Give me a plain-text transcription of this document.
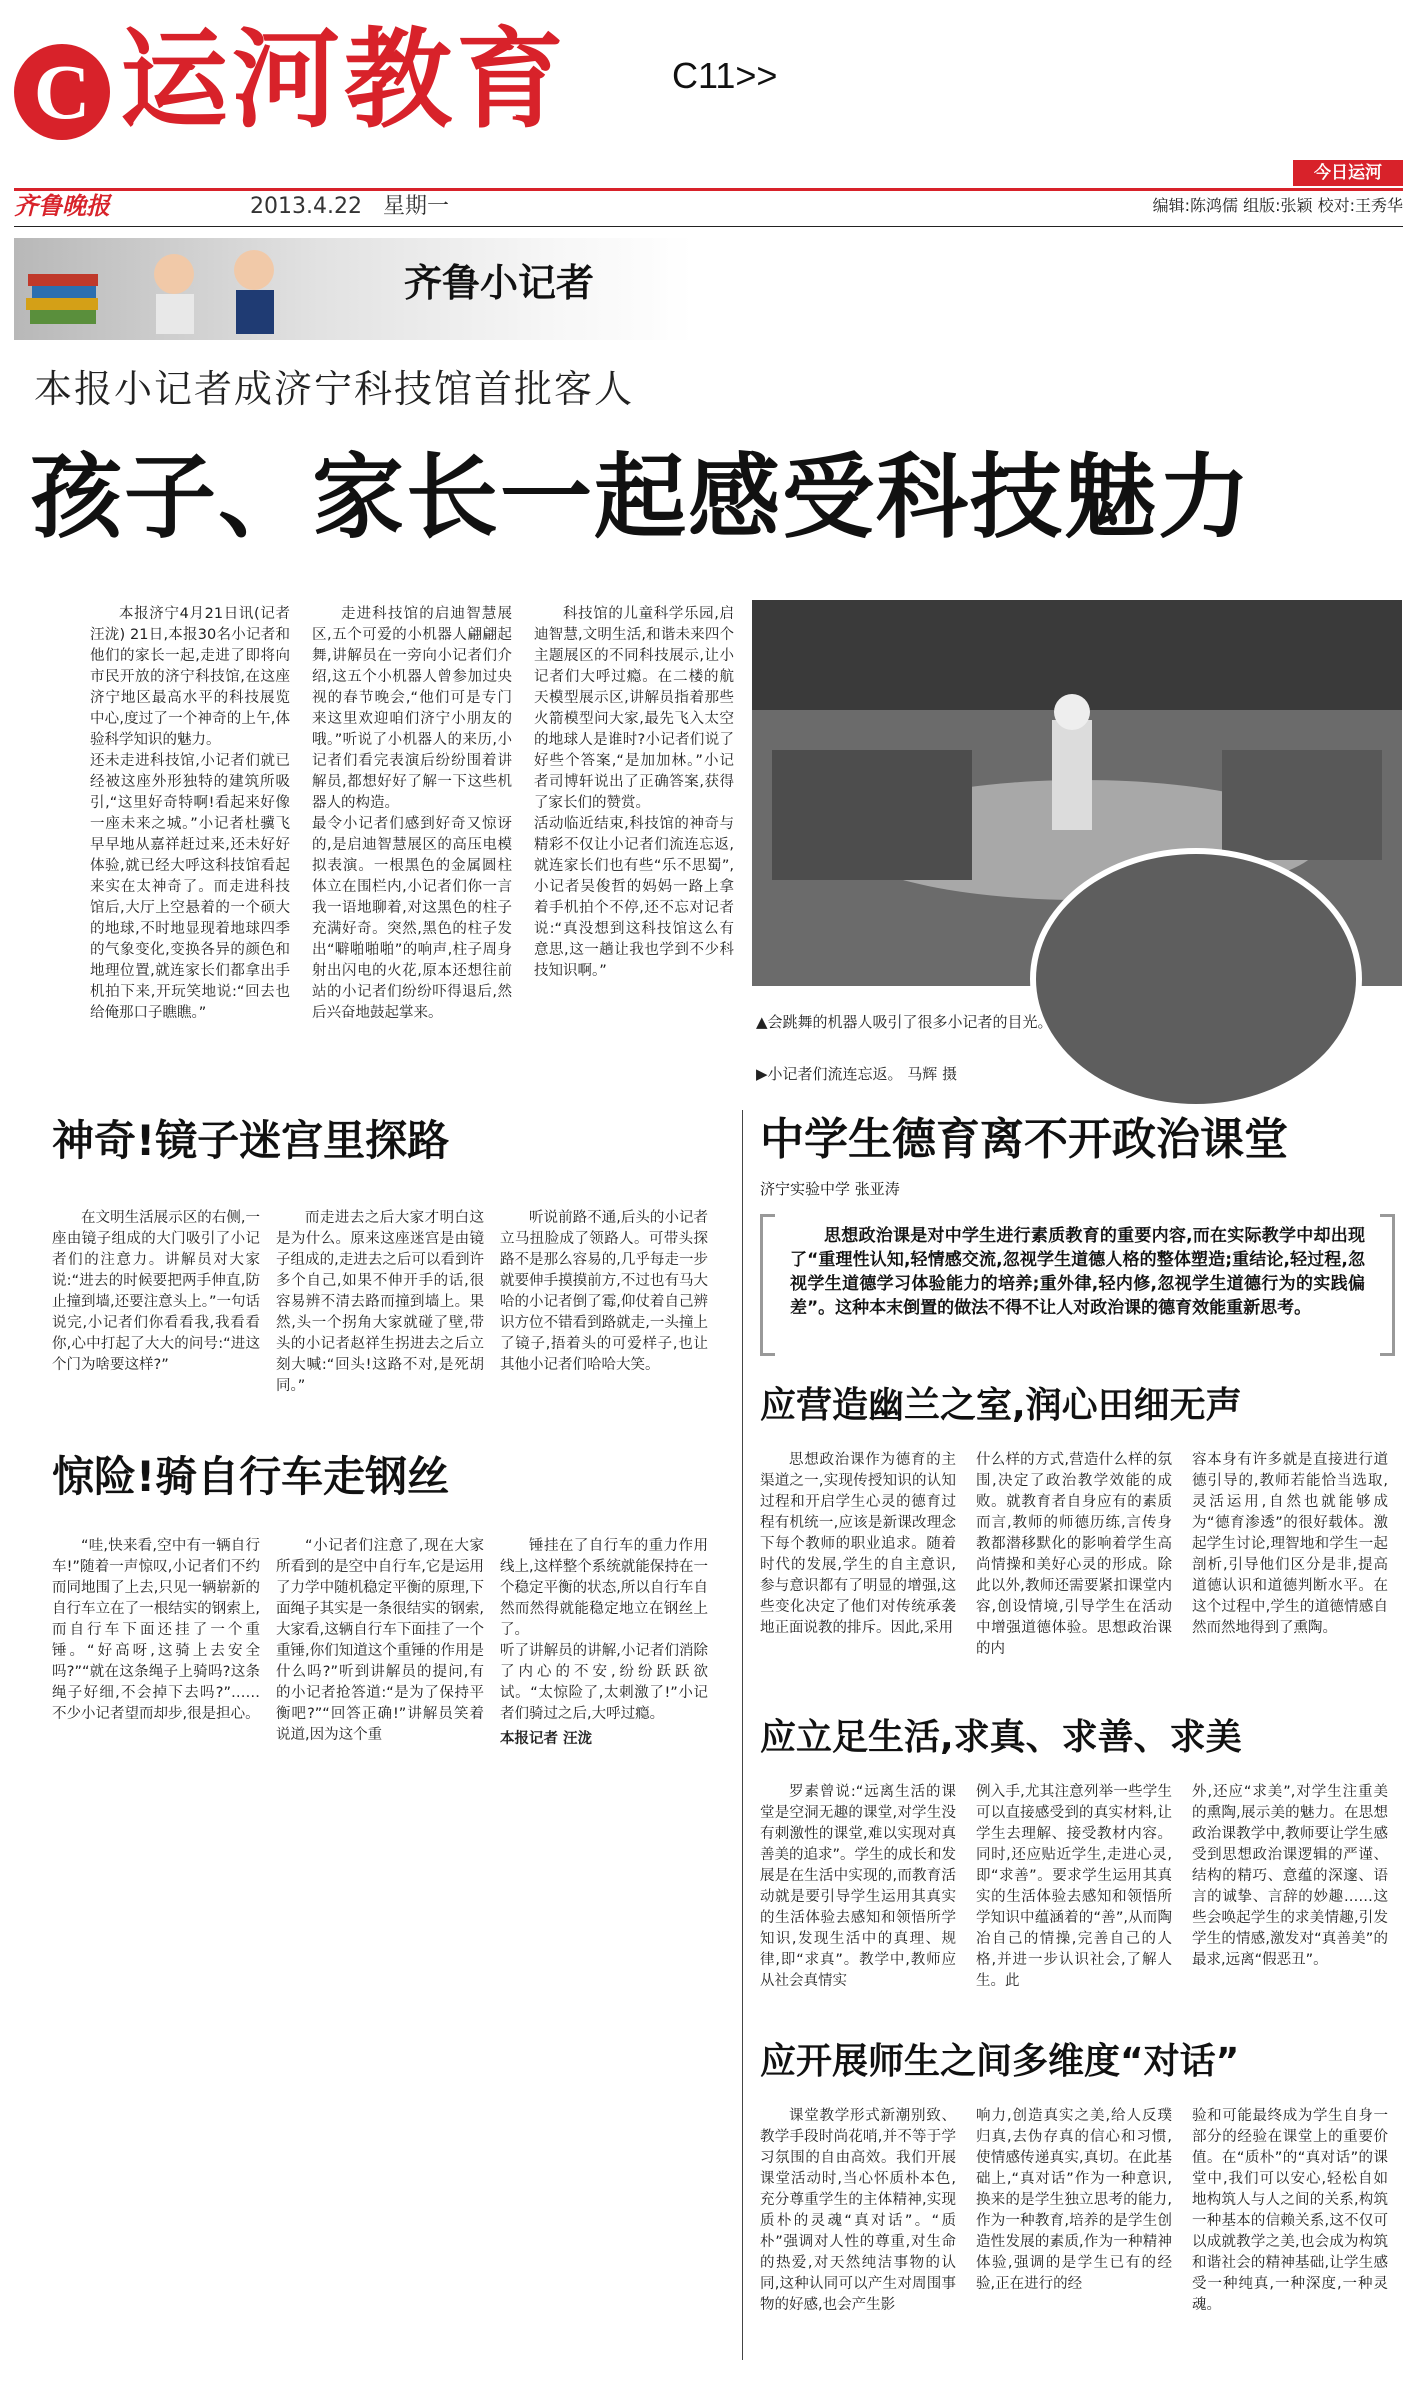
C 运河教育	C11>>
今日运河
齐鲁晚报	2013.4.22 星期一	编辑:陈鸿儒 组版:张颖 校对:王秀华
齐鲁小记者
本报小记者成济宁科技馆首批客人
孩子、家长一起感受科技魅力

本报济宁4月21日讯(记者 汪泷) 21日,本报30名小记者和他们的家长一起,走进了即将向市民开放的济宁科技馆,在这座济宁地区最高水平的科技展览中心,度过了一个神奇的上午,体验科学知识的魅力。
还未走进科技馆,小记者们就已经被这座外形独特的建筑所吸引,“这里好奇特啊!看起来好像一座未来之城。”小记者杜骥飞早早地从嘉祥赶过来,还未好好体验,就已经大呼这科技馆看起来实在太神奇了。而走进科技馆后,大厅上空悬着的一个硕大的地球,不时地显现着地球四季的气象变化,变换各异的颜色和地理位置,就连家长们都拿出手机拍下来,开玩笑地说:“回去也给俺那口子瞧瞧。”

走进科技馆的启迪智慧展区,五个可爱的小机器人翩翩起舞,讲解员在一旁向小记者们介绍,这五个小机器人曾参加过央视的春节晚会,“他们可是专门来这里欢迎咱们济宁小朋友的哦。”听说了小机器人的来历,小记者们看完表演后纷纷围着讲解员,都想好好了解一下这些机器人的构造。
最令小记者们感到好奇又惊讶的,是启迪智慧展区的高压电模拟表演。一根黑色的金属圆柱体立在围栏内,小记者们你一言我一语地聊着,对这黑色的柱子充满好奇。突然,黑色的柱子发出“噼啪啪啪”的响声,柱子周身射出闪电的火花,原本还想往前站的小记者们纷纷吓得退后,然后兴奋地鼓起掌来。

科技馆的儿童科学乐园,启迪智慧,文明生活,和谐未来四个主题展区的不同科技展示,让小记者们大呼过瘾。在二楼的航天模型展示区,讲解员指着那些火箭模型问大家,最先飞入太空的地球人是谁时?小记者们说了好些个答案,“是加加林。”小记者司博轩说出了正确答案,获得了家长们的赞赏。
活动临近结束,科技馆的神奇与精彩不仅让小记者们流连忘返,就连家长们也有些“乐不思蜀”,小记者吴俊哲的妈妈一路上拿着手机拍个不停,还不忘对记者说:“真没想到这科技馆这么有意思,这一趟让我也学到不少科技知识啊。”

▲会跳舞的机器人吸引了很多小记者的目光。
▶小记者们流连忘返。 马辉 摄
神奇!镜子迷宫里探路

在文明生活展示区的右侧,一座由镜子组成的大门吸引了小记者们的注意力。讲解员对大家说:“进去的时候要把两手伸直,防止撞到墙,还要注意头上。”一句话说完,小记者们你看看我,我看看你,心中打起了大大的问号:“进这个门为啥要这样?”

而走进去之后大家才明白这是为什么。原来这座迷宫是由镜子组成的,走进去之后可以看到许多个自己,如果不伸开手的话,很容易辨不清去路而撞到墙上。果然,头一个拐角大家就碰了壁,带头的小记者赵祥生拐进去之后立刻大喊:“回头!这路不对,是死胡同。”

听说前路不通,后头的小记者立马扭脸成了领路人。可带头探路不是那么容易的,几乎每走一步就要伸手摸摸前方,不过也有马大哈的小记者倒了霉,仰仗着自己辨识方位不错看到路就走,一头撞上了镜子,捂着头的可爱样子,也让其他小记者们哈哈大笑。

惊险!骑自行车走钢丝

“哇,快来看,空中有一辆自行车!”随着一声惊叹,小记者们不约而同地围了上去,只见一辆崭新的自行车立在了一根结实的钢索上,而自行车下面还挂了一个重锤。“好高呀,这骑上去安全吗?”“就在这条绳子上骑吗?这条绳子好细,不会掉下去吗?”……不少小记者望而却步,很是担心。

“小记者们注意了,现在大家所看到的是空中自行车,它是运用了力学中随机稳定平衡的原理,下面绳子其实是一条很结实的钢索,大家看,这辆自行车下面挂了一个重锤,你们知道这个重锤的作用是什么吗?”听到讲解员的提问,有的小记者抢答道:“是为了保持平衡吧?”“回答正确!”讲解员笑着说道,因为这个重

锤挂在了自行车的重力作用线上,这样整个系统就能保持在一个稳定平衡的状态,所以自行车自然而然得就能稳定地立在钢丝上了。
听了讲解员的讲解,小记者们消除了内心的不安,纷纷跃跃欲试。“太惊险了,太刺激了!”小记者们骑过之后,大呼过瘾。

本报记者 汪泷
中学生德育离不开政治课堂
济宁实验中学 张亚涛
思想政治课是对中学生进行素质教育的重要内容,而在实际教学中却出现了“重理性认知,轻情感交流,忽视学生道德人格的整体塑造;重结论,轻过程,忽视学生道德学习体验能力的培养;重外律,轻内修,忽视学生道德行为的实践偏差”。这种本末倒置的做法不得不让人对政治课的德育效能重新思考。
应营造幽兰之室,润心田细无声

思想政治课作为德育的主渠道之一,实现传授知识的认知过程和开启学生心灵的德育过程有机统一,应该是新课改理念下每个教师的职业追求。随着时代的发展,学生的自主意识,参与意识都有了明显的增强,这些变化决定了他们对传统承袭地正面说教的排斥。因此,采用

什么样的方式,营造什么样的氛围,决定了政治教学效能的成败。就教育者自身应有的素质而言,教师的师德历练,言传身教都潜移默化的影响着学生高尚情操和美好心灵的形成。除此以外,教师还需要紧扣课堂内容,创设情境,引导学生在活动中增强道德体验。思想政治课的内

容本身有许多就是直接进行道德引导的,教师若能恰当选取,灵活运用,自然也就能够成为“德育渗透”的很好载体。激起学生讨论,理智地和学生一起剖析,引导他们区分是非,提高道德认识和道德判断水平。在这个过程中,学生的道德情感自然而然地得到了熏陶。

应立足生活,求真、求善、求美

罗素曾说:“远离生活的课堂是空洞无趣的课堂,对学生没有刺激性的课堂,难以实现对真善美的追求”。学生的成长和发展是在生活中实现的,而教育活动就是要引导学生运用其真实的生活体验去感知和领悟所学知识,发现生活中的真理、规律,即“求真”。教学中,教师应从社会真情实

例入手,尤其注意列举一些学生可以直接感受到的真实材料,让学生去理解、接受教材内容。同时,还应贴近学生,走进心灵,即“求善”。要求学生运用其真实的生活体验去感知和领悟所学知识中蕴涵着的“善”,从而陶冶自己的情操,完善自己的人格,并进一步认识社会,了解人生。此

外,还应“求美”,对学生注重美的熏陶,展示美的魅力。在思想政治课教学中,教师要让学生感受到思想政治课逻辑的严谨、结构的精巧、意蕴的深邃、语言的诚挚、言辞的妙趣……这些会唤起学生的求美情趣,引发学生的情感,激发对“真善美”的最求,远离“假恶丑”。

应开展师生之间多维度“对话”

课堂教学形式新潮别致、教学手段时尚花哨,并不等于学习氛围的自由高效。我们开展课堂活动时,当心怀质朴本色,充分尊重学生的主体精神,实现质朴的灵魂“真对话”。“质朴”强调对人性的尊重,对生命的热爱,对天然纯洁事物的认同,这种认同可以产生对周围事物的好感,也会产生影

响力,创造真实之美,给人反璞归真,去伪存真的信心和习惯,使情感传递真实,真切。在此基础上,“真对话”作为一种意识,换来的是学生独立思考的能力,作为一种教育,培养的是学生创造性发展的素质,作为一种精神体验,强调的是学生已有的经验,正在进行的经

验和可能最终成为学生自身一部分的经验在课堂上的重要价值。在“质朴”的“真对话”的课堂中,我们可以安心,轻松自如地构筑人与人之间的关系,构筑一种基本的信赖关系,这不仅可以成就教学之美,也会成为构筑和谐社会的精神基础,让学生感受一种纯真,一种深度,一种灵魂。
